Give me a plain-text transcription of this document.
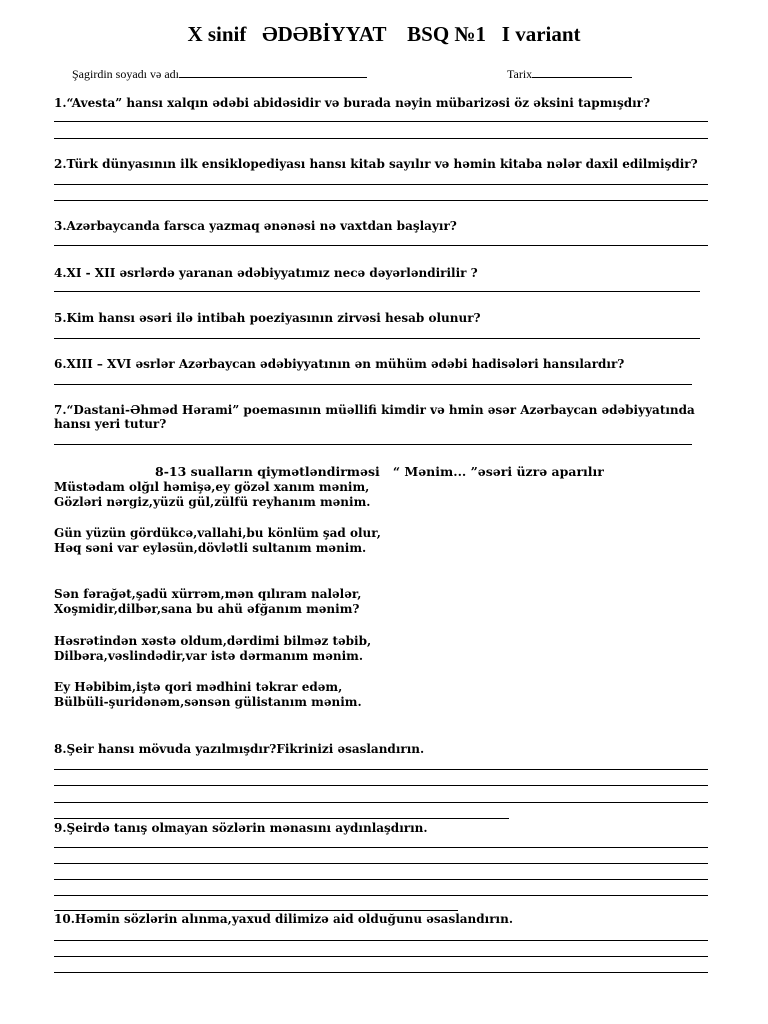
X sinif   ƏDƏBİYYAT    BSQ №1   I variant
Şagirdin soyadı və adı	Tarix
1.“Avesta” hansı xalqın ədəbi abidəsidir və burada nəyin mübarizəsi öz əksini tapmışdır?
2.Türk dünyasının ilk ensiklopediyası hansı kitab sayılır və həmin kitaba nələr daxil edilmişdir?
3.Azərbaycanda farsca yazmaq ənənəsi nə vaxtdan başlayır?
4.XI - XII əsrlərdə yaranan ədəbiyyatımız necə dəyərləndirilir ?
5.Kim hansı əsəri ilə intibah poeziyasının zirvəsi hesab olunur?
6.XIII – XVI əsrlər Azərbaycan ədəbiyyatının ən mühüm ədəbi hadisələri hansılardır?
7.“Dastani-Əhməd Hərami” poemasının müəllifi kimdir və hmin əsər Azərbaycan ədəbiyyatında hansı yeri tutur?
8-13 sualların qiymətləndirməsi   “ Mənim... ”əsəri üzrə aparılır
Müstədam olğıl həmişə,ey gözəl xanım mənim,
Gözləri nərgiz,yüzü gül,zülfü reyhanım mənim.
Gün yüzün gördükcə,vallahi,bu könlüm şad olur,
Həq səni var eyləsün,dövlətli sultanım mənim.
Sən fərağət,şadü xürrəm,mən qılıram nalələr,
Xoşmidir,dilbər,sana bu ahü əfğanım mənim?
Həsrətindən xəstə oldum,dərdimi bilməz təbib,
Dilbəra,vəslindədir,var istə dərmanım mənim.
Ey Həbibim,iştə qori mədhini təkrar edəm,
Bülbüli-şuridənəm,sənsən gülistanım mənim.
8.Şeir hansı mövuda yazılmışdır?Fikrinizi əsaslandırın.
9.Şeirdə tanış olmayan sözlərin mənasını aydınlaşdırın.
10.Həmin sözlərin alınma,yaxud dilimizə aid olduğunu əsaslandırın.
